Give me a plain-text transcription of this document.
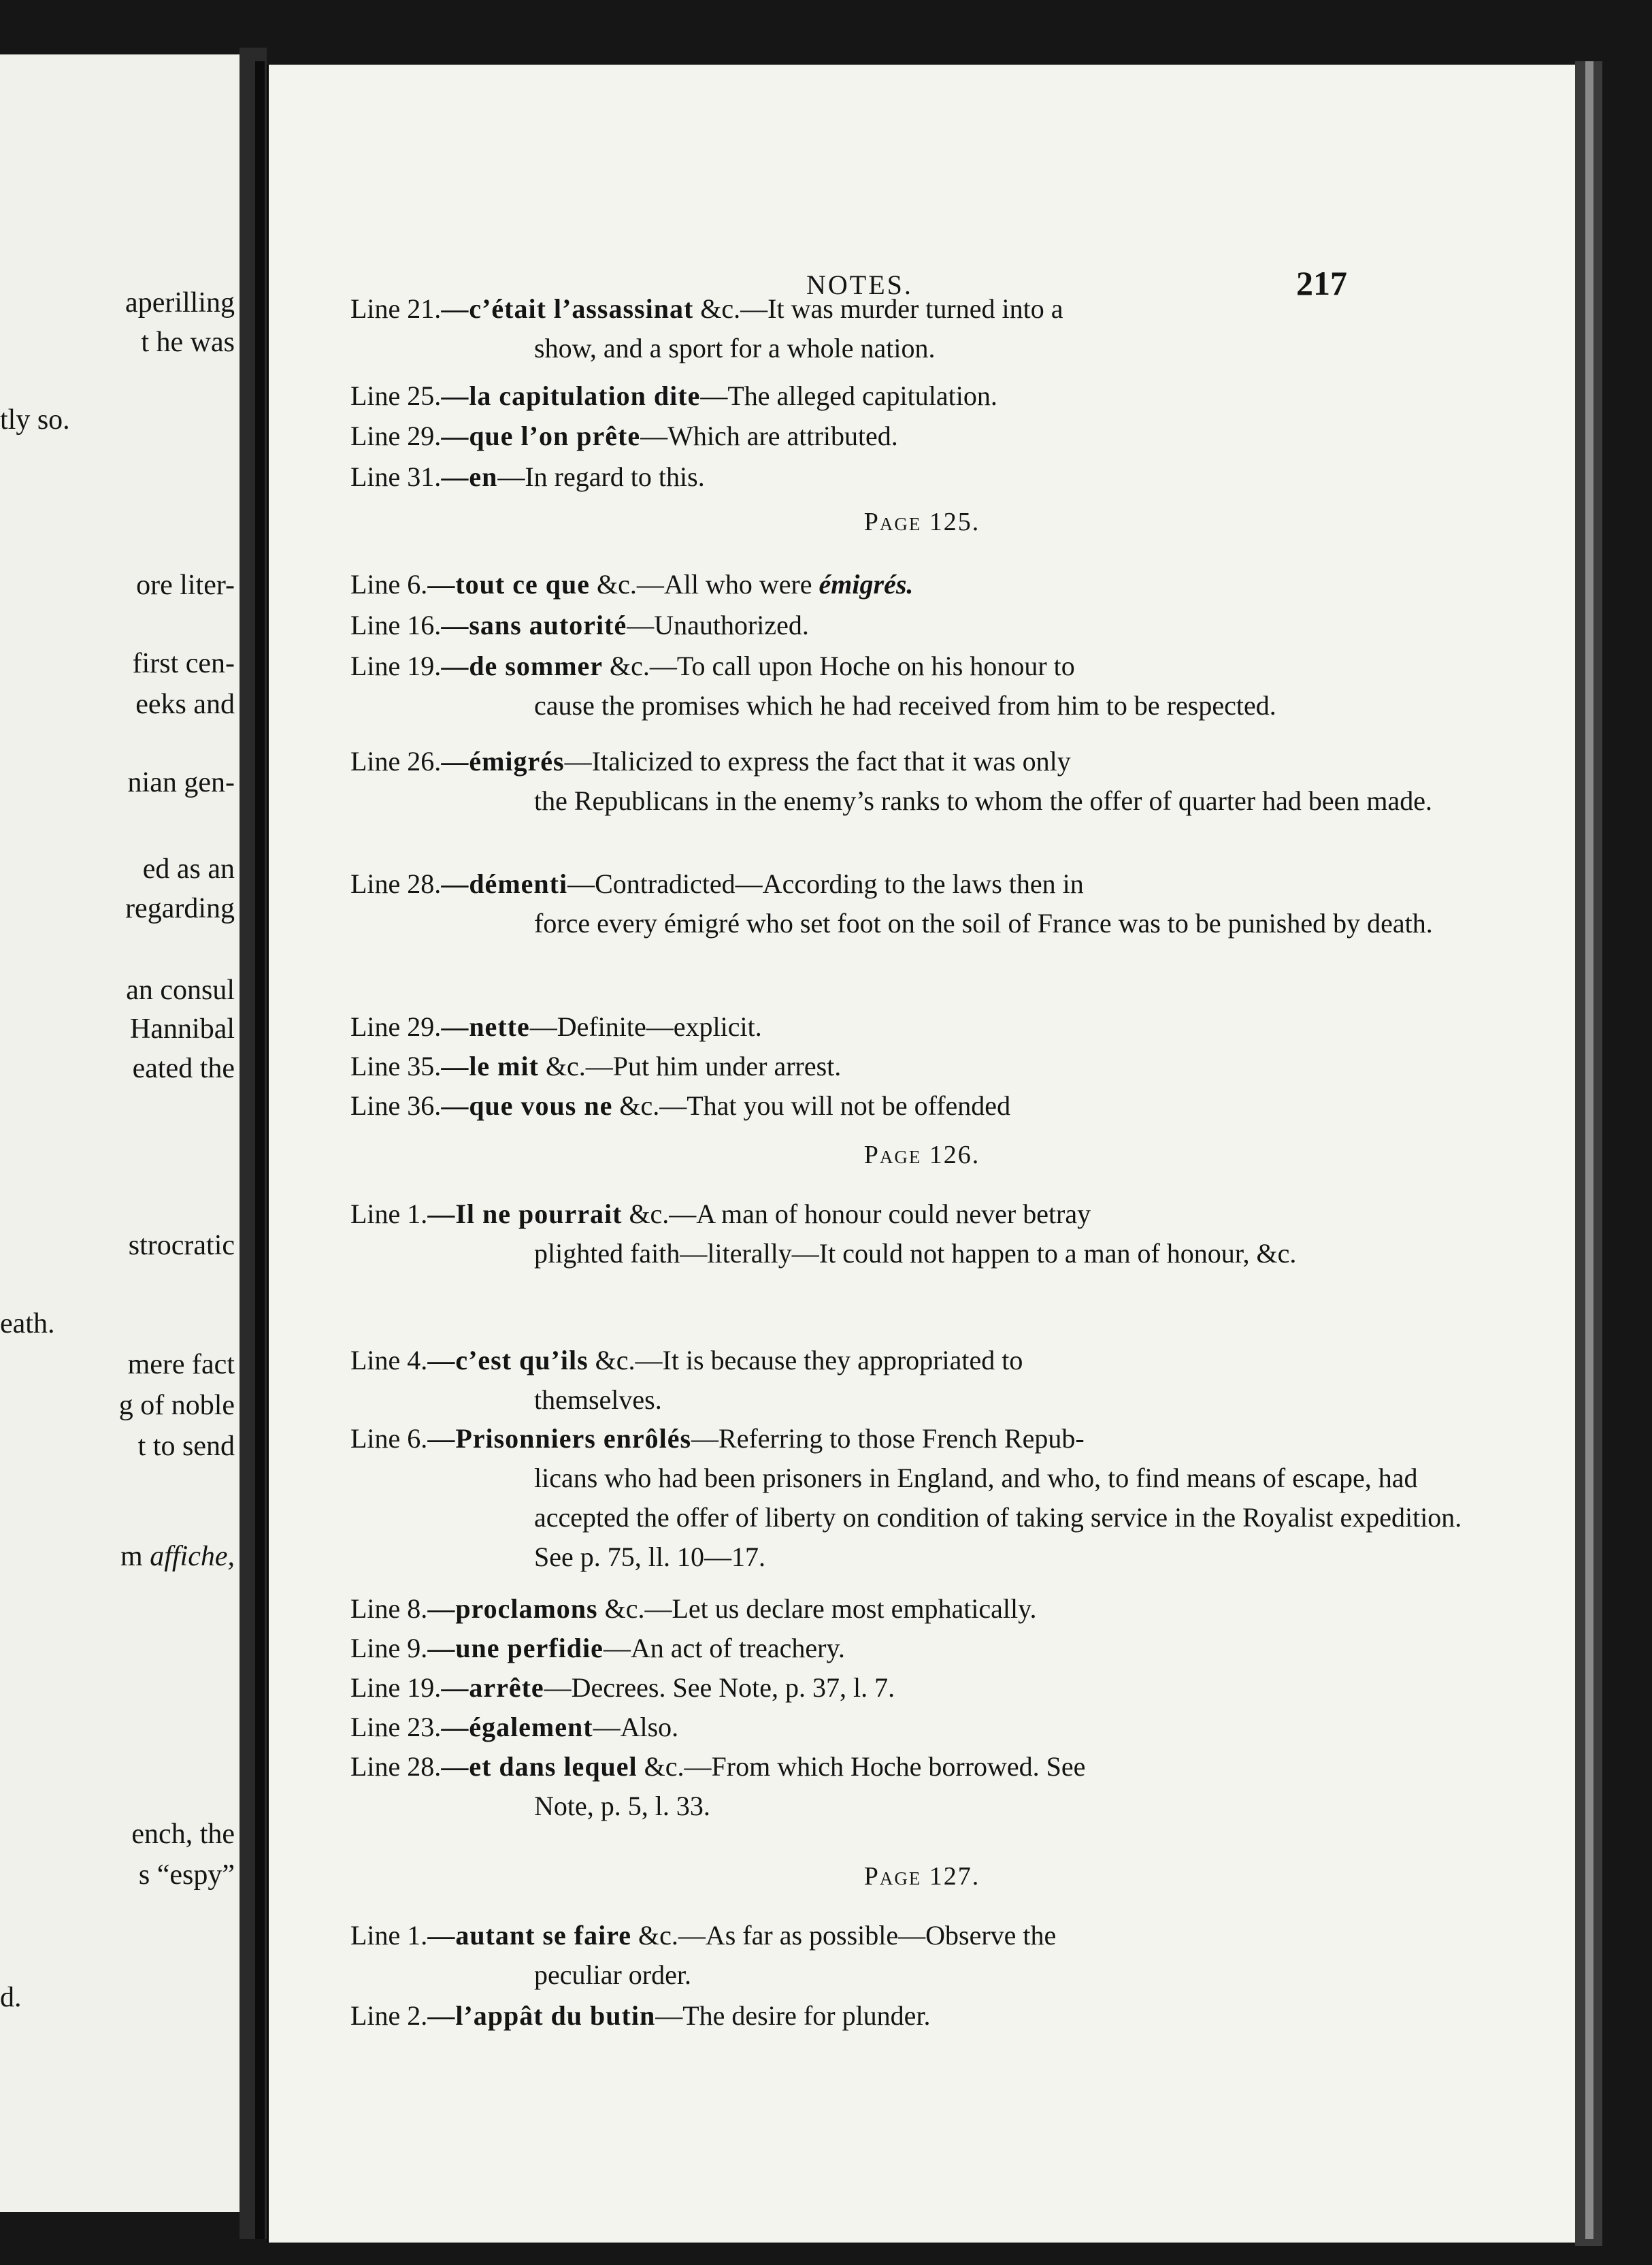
aperilling
t he was
tly so.
ore liter-
first cen-
eeks and
nian gen-
ed as an
regarding
an consul
Hannibal
eated the
strocratic
eath.
mere fact
g of noble
t to send
m affiche,
ench, the
s “espy”
d.
NOTES.	217
Line 21.—c’était l’assassinat &c.—It was murder turned into a
show, and a sport for a whole nation.
Line 25.—la capitulation dite—The alleged capitulation.
Line 29.—que l’on prête—Which are attributed.
Line 31.—en—In regard to this.
Page 125.
Line 6.—tout ce que &c.—All who were émigrés.
Line 16.—sans autorité—Unauthorized.
Line 19.—de sommer &c.—To call upon Hoche on his honour to
cause the promises which he had received from him to be respected.
Line 26.—émigrés—Italicized to express the fact that it was only
the Republicans in the enemy’s ranks to whom the offer of quarter had been made.
Line 28.—démenti—Contradicted—According to the laws then in
force every émigré who set foot on the soil of France was to be punished by death.
Line 29.—nette—Definite—explicit.
Line 35.—le mit &c.—Put him under arrest.
Line 36.—que vous ne &c.—That you will not be offended
Page 126.
Line 1.—Il ne pourrait &c.—A man of honour could never betray
plighted faith—literally—It could not happen to a man of honour, &c.
Line 4.—c’est qu’ils &c.—It is because they appropriated to
themselves.
Line 6.—Prisonniers enrôlés—Referring to those French Repub-
licans who had been prisoners in England, and who, to find means of escape, had accepted the offer of liberty on condition of taking service in the Royalist expedition. See p. 75, ll. 10—17.
Line 8.—proclamons &c.—Let us declare most emphatically.
Line 9.—une perfidie—An act of treachery.
Line 19.—arrête—Decrees. See Note, p. 37, l. 7.
Line 23.—également—Also.
Line 28.—et dans lequel &c.—From which Hoche borrowed. See
Note, p. 5, l. 33.
Page 127.
Line 1.—autant se faire &c.—As far as possible—Observe the
peculiar order.
Line 2.—l’appât du butin—The desire for plunder.
